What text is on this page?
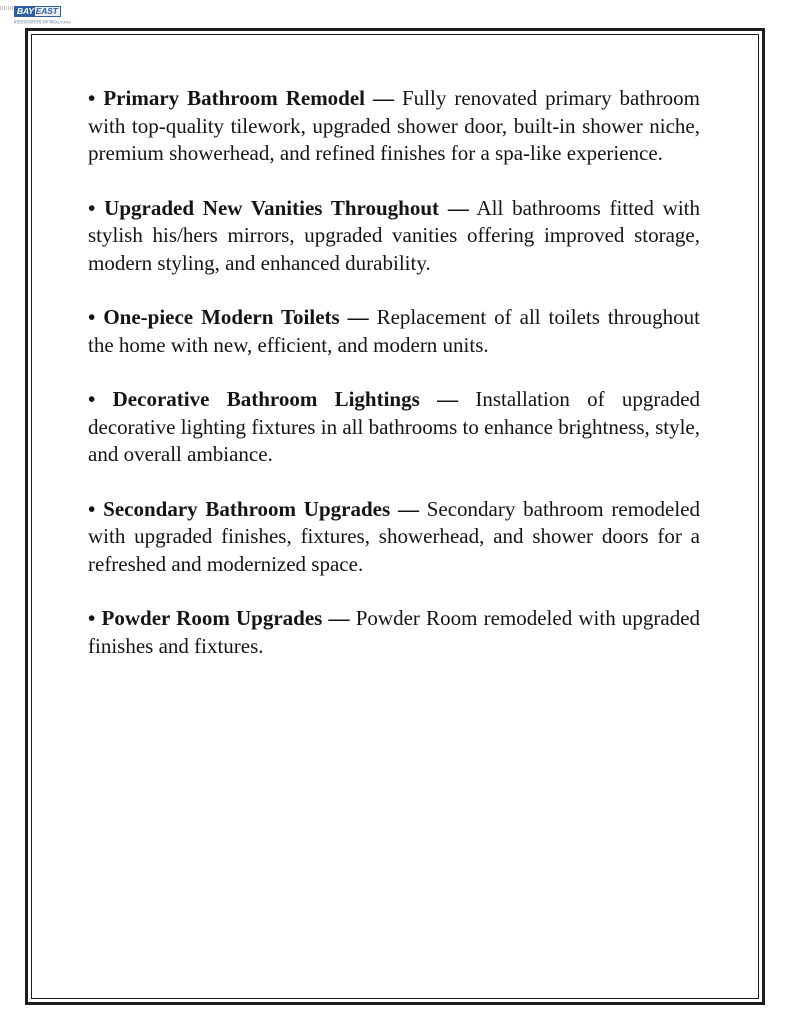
BAY EAST
ASSOCIATION OF REALTORS

• Primary Bathroom Remodel — Fully renovated primary bathroom with top-quality tilework, upgraded shower door, built-in shower niche, premium showerhead, and refined finishes for a spa-like experience.

• Upgraded New Vanities Throughout — All bathrooms fitted with stylish his/hers mirrors, upgraded vanities offering improved storage, modern styling, and enhanced durability.

• One-piece Modern Toilets — Replacement of all toilets throughout the home with new, efficient, and modern units.

• Decorative Bathroom Lightings — Installation of upgraded decorative lighting fixtures in all bathrooms to enhance brightness, style, and overall ambiance.

• Secondary Bathroom Upgrades — Secondary bathroom remodeled with upgraded finishes, fixtures, showerhead, and shower doors for a refreshed and modernized space.

• Powder Room Upgrades — Powder Room remodeled with upgraded finishes and fixtures.
